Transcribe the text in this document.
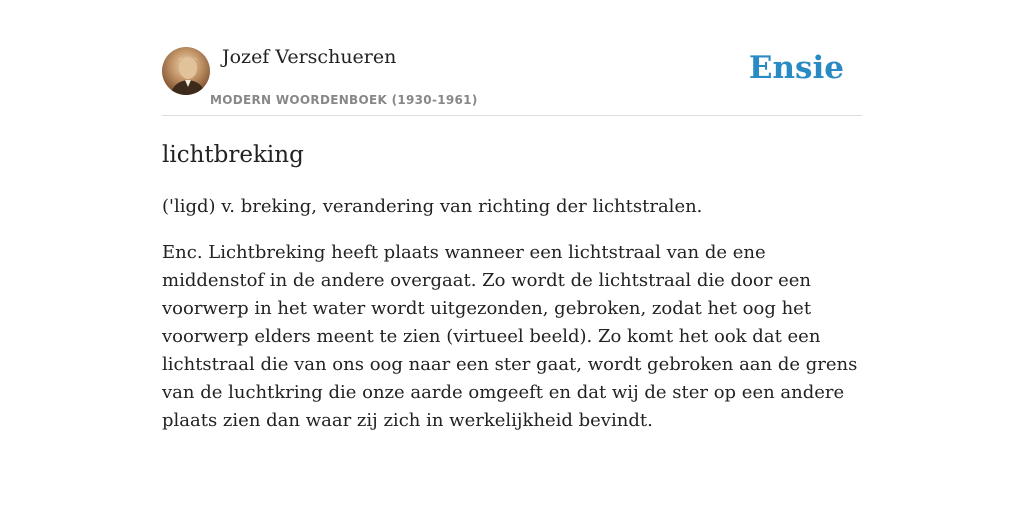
Jozef Verschueren
MODERN WOORDENBOEK (1930-1961)
Ensie
lichtbreking

('ligd) v. breking, verandering van richting der lichtstralen.

Enc. Lichtbreking heeft plaats wanneer een lichtstraal van de ene middenstof in de andere overgaat. Zo wordt de lichtstraal die door een voorwerp in het water wordt uitgezonden, gebroken, zodat het oog het voorwerp elders meent te zien (virtueel beeld). Zo komt het ook dat een lichtstraal die van ons oog naar een ster gaat, wordt gebroken aan de grens van de luchtkring die onze aarde omgeeft en dat wij de ster op een andere plaats zien dan waar zij zich in werkelijkheid bevindt.
